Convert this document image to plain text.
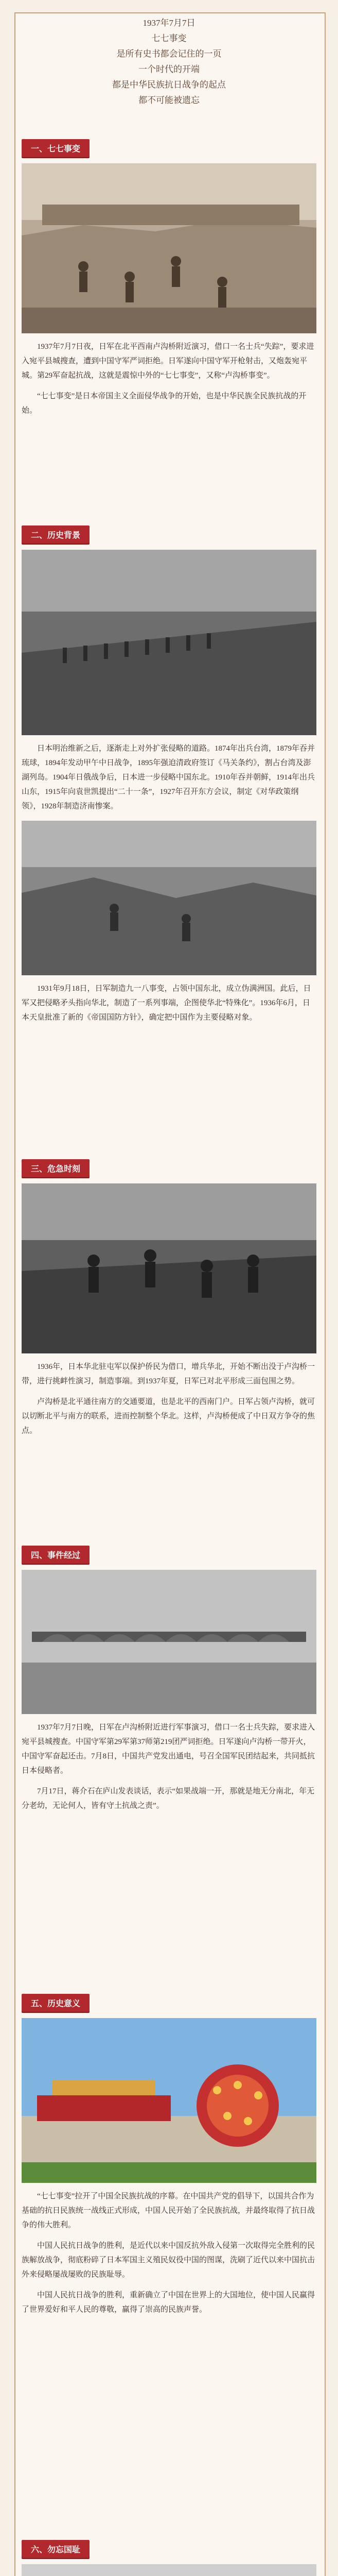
1937年7月7日
七七事变
是所有史书都会记住的一页
一个时代的开端
都是中华民族抗日战争的起点
都不可能被遗忘
一、七七事变

1937年7月7日夜，日军在北平西南卢沟桥附近演习，借口一名士兵“失踪”，要求进入宛平县城搜查，遭到中国守军严词拒绝。日军遂向中国守军开枪射击，又炮轰宛平城。第29军奋起抗战，这就是震惊中外的“七七事变”，又称“卢沟桥事变”。

“七七事变”是日本帝国主义全面侵华战争的开始，也是中华民族全民族抗战的开始。

二、历史背景

日本明治维新之后，逐渐走上对外扩张侵略的道路。1874年出兵台湾，1879年吞并琉球，1894年发动甲午中日战争，1895年强迫清政府签订《马关条约》，割占台湾及澎湖列岛。1904年日俄战争后，日本进一步侵略中国东北。1910年吞并朝鲜，1914年出兵山东，1915年向袁世凯提出“二十一条”，1927年召开东方会议，制定《对华政策纲领》，1928年制造济南惨案。

1931年9月18日，日军制造九一八事变，占领中国东北，成立伪满洲国。此后，日军又把侵略矛头指向华北，制造了一系列事端，企图使华北“特殊化”。1936年6月，日本天皇批准了新的《帝国国防方针》，确定把中国作为主要侵略对象。

三、危急时刻

1936年，日本华北驻屯军以保护侨民为借口，增兵华北，开始不断出没于卢沟桥一带，进行挑衅性演习，制造事端。到1937年夏，日军已对北平形成三面包围之势。

卢沟桥是北平通往南方的交通要道，也是北平的西南门户。日军占领卢沟桥，就可以切断北平与南方的联系，进而控制整个华北。这样，卢沟桥便成了中日双方争夺的焦点。

四、事件经过

1937年7月7日晚，日军在卢沟桥附近进行军事演习，借口一名士兵失踪，要求进入宛平县城搜查。中国守军第29军第37师第219团严词拒绝。日军遂向卢沟桥一带开火，中国守军奋起还击。7月8日，中国共产党发出通电，号召全国军民团结起来，共同抵抗日本侵略者。

7月17日，蒋介石在庐山发表谈话，表示“如果战端一开，那就是地无分南北，年无分老幼，无论何人，皆有守土抗战之责”。

五、历史意义

“七七事变”拉开了中国全民族抗战的序幕。在中国共产党的倡导下，以国共合作为基础的抗日民族统一战线正式形成，中国人民开始了全民族抗战，并最终取得了抗日战争的伟大胜利。

中国人民抗日战争的胜利，是近代以来中国反抗外敌入侵第一次取得完全胜利的民族解放战争，彻底粉碎了日本军国主义殖民奴役中国的图谋，洗刷了近代以来中国抗击外来侵略屡战屡败的民族耻辱。

中国人民抗日战争的胜利，重新确立了中国在世界上的大国地位，使中国人民赢得了世界爱好和平人民的尊敬，赢得了崇高的民族声誉。

六、勿忘国耻
